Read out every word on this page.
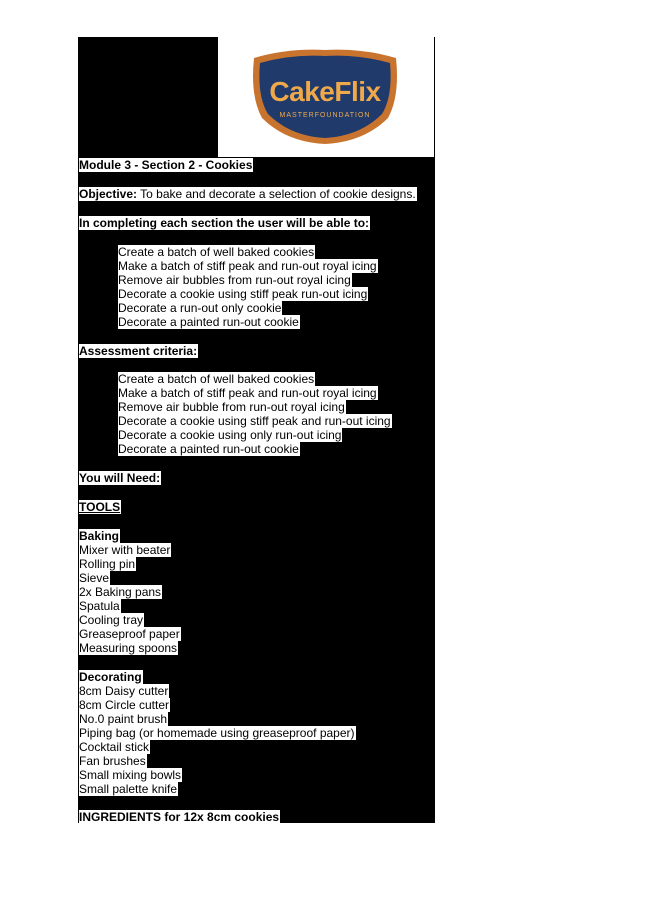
CakeFlix
MASTERFOUNDATION
Module 3 - Section 2 - Cookies
Objective: To bake and decorate a selection of cookie designs.
In completing each section the user will be able to:
Create a batch of well baked cookies
Make a batch of stiff peak and run-out royal icing
Remove air bubbles from run-out royal icing
Decorate a cookie using stiff peak run-out icing
Decorate a run-out only cookie
Decorate a painted run-out cookie
Assessment criteria:
Create a batch of well baked cookies
Make a batch of stiff peak and run-out royal icing
Remove air bubble from run-out royal icing
Decorate a cookie using stiff peak and run-out icing
Decorate a cookie using only run-out icing
Decorate a painted run-out cookie
You will Need:
TOOLS
Baking
Mixer with beater
Rolling pin
Sieve
2x Baking pans
Spatula
Cooling tray
Greaseproof paper
Measuring spoons
Decorating
8cm Daisy cutter
8cm Circle cutter
No.0 paint brush
Piping bag (or homemade using greaseproof paper)
Cocktail stick
Fan brushes
Small mixing bowls
Small palette knife
INGREDIENTS for 12x 8cm cookies
